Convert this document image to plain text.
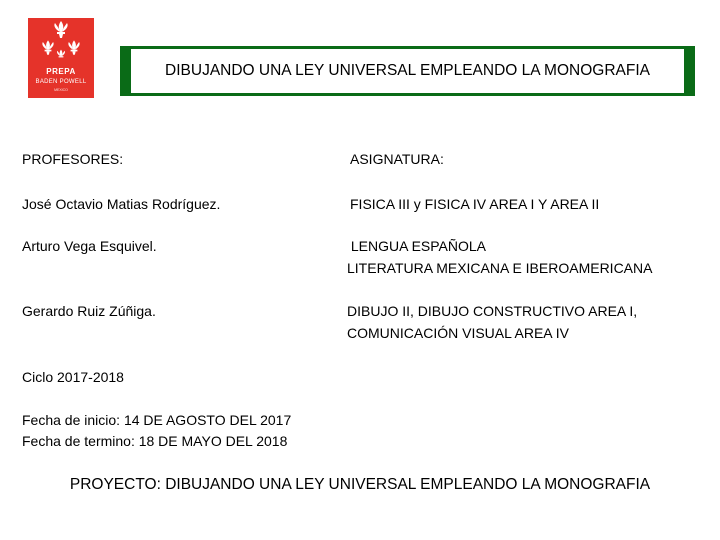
PREPA
BADEN POWELL
MEXICO
DIBUJANDO UNA LEY UNIVERSAL EMPLEANDO LA MONOGRAFIA
PROFESORES:	ASIGNATURA:
José Octavio Matias Rodríguez.	FISICA III y FISICA IV AREA I Y AREA II
Arturo Vega Esquivel.	LENGUA ESPAÑOLA
LITERATURA MEXICANA E IBEROAMERICANA
Gerardo Ruiz Zúñiga.	DIBUJO II, DIBUJO CONSTRUCTIVO AREA I,
COMUNICACIÓN VISUAL AREA IV
Ciclo 2017-2018
Fecha de inicio: 14 DE AGOSTO DEL 2017
Fecha de termino: 18 DE MAYO DEL 2018
PROYECTO: DIBUJANDO UNA LEY UNIVERSAL EMPLEANDO LA MONOGRAFIA
